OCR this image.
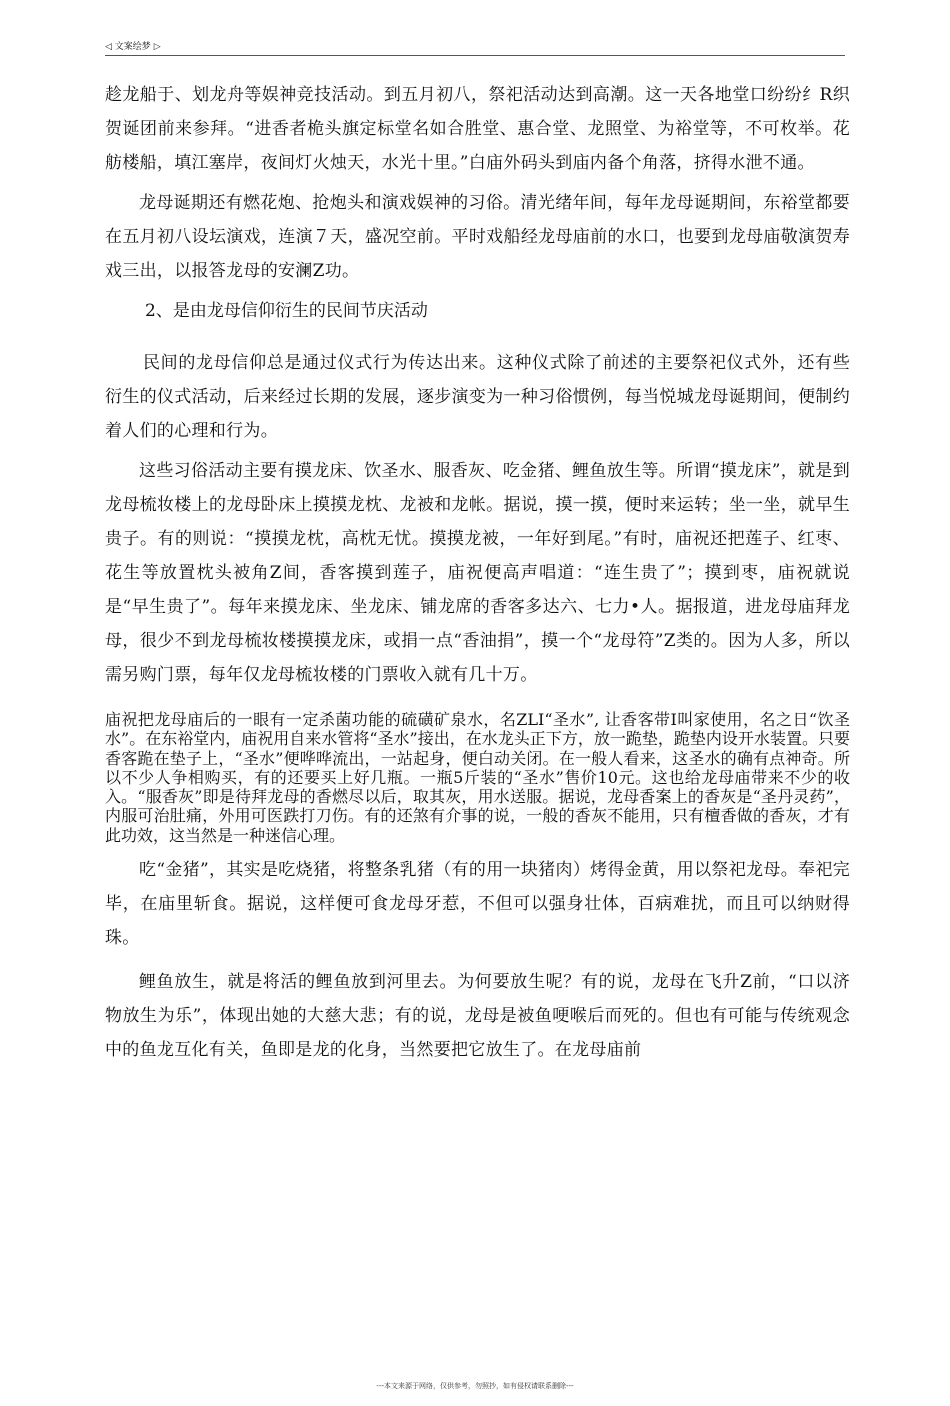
◁ 文案绘梦 ▷

趁龙船于、划龙舟等娱神竞技活动。到五月初八，祭祀活动达到高潮。这一天各地堂口纷纷纟R织贺诞团前来参拜。“进香者桅头旗定标堂名如合胜堂、惠合堂、龙照堂、为裕堂等，不可枚举。花舫楼船，填江塞岸，夜间灯火烛天，水光十里。”白庙外码头到庙内备个角落，挤得水泄不通。

龙母诞期还有燃花炮、抢炮头和演戏娱神的习俗。清光绪年间，每年龙母诞期间，东裕堂都要在五月初八设坛演戏，连演７天，盛况空前。平时戏船经龙母庙前的水口，也要到龙母庙敬演贺寿戏三出，以报答龙母的安澜Z功。

2、是由龙母信仰衍生的民间节庆活动

民间的龙母信仰总是通过仪式行为传达出来。这种仪式除了前述的主要祭祀仪式外，还有些衍生的仪式活动，后来经过长期的发展，逐步演变为一种习俗惯例，每当悦城龙母诞期间，便制约着人们的心理和行为。

这些习俗活动主要有摸龙床、饮圣水、服香灰、吃金猪、鲤鱼放生等。所谓“摸龙床”，就是到龙母梳妆楼上的龙母卧床上摸摸龙枕、龙被和龙帐。据说，摸一摸，便时来运转；坐一坐，就早生贵子。有的则说：“摸摸龙枕，高枕无忧。摸摸龙被，一年好到尾。”有时，庙祝还把莲子、红枣、花生等放置枕头被角Z间，香客摸到莲子，庙祝便高声唱道：“连生贵了”；摸到枣，庙祝就说是“早生贵了”。每年来摸龙床、坐龙床、铺龙席的香客多达六、七力•人。据报道，进龙母庙拜龙母，很少不到龙母梳妆楼摸摸龙床，或捐一点“香油捐”，摸一个“龙母符”Z类的。因为人多，所以需另购门票，每年仅龙母梳妆楼的门票收入就有几十万。

庙祝把龙母庙后的一眼有一定杀菌功能的硫磺矿泉水，名ZLI“圣水”, 让香客带I叫家使用，名之日“饮圣水”。在东裕堂内，庙祝用自来水管将“圣水”接出，在水龙头正下方，放一跪垫，跪垫内设开水装置。只要香客跪在垫子上，“圣水”便哗哗流出，一站起身，便白动关闭。在一般人看来，这圣水的确有点神奇。所以不少人争相购买，有的还要买上好几瓶。一瓶5斤装的“圣水”售价10元。这也给龙母庙带来不少的收入。“服香灰”即是待拜龙母的香燃尽以后，取其灰，用水送服。据说，龙母香案上的香灰是“圣丹灵药”，内服可治肚痛，外用可医跌打刀伤。有的还煞有介事的说，一般的香灰不能用，只有檀香做的香灰，才有此功效，这当然是一种迷信心理。

吃“金猪”，其实是吃烧猪，将整条乳猪（有的用一块猪肉）烤得金黄，用以祭祀龙母。奉祀完毕，在庙里斩食。据说，这样便可食龙母牙惹，不但可以强身壮体，百病难扰，而且可以纳财得珠。

鲤鱼放生，就是将活的鲤鱼放到河里去。为何要放生呢？有的说，龙母在飞升Z前，“口以济物放生为乐”，体现出她的大慈大悲；有的说，龙母是被鱼哽喉后而死的。但也有可能与传统观念中的鱼龙互化有关，鱼即是龙的化身，当然要把它放生了。在龙母庙前

---本文来源于网络，仅供参考，勿照抄，如有侵权请联系删除---
